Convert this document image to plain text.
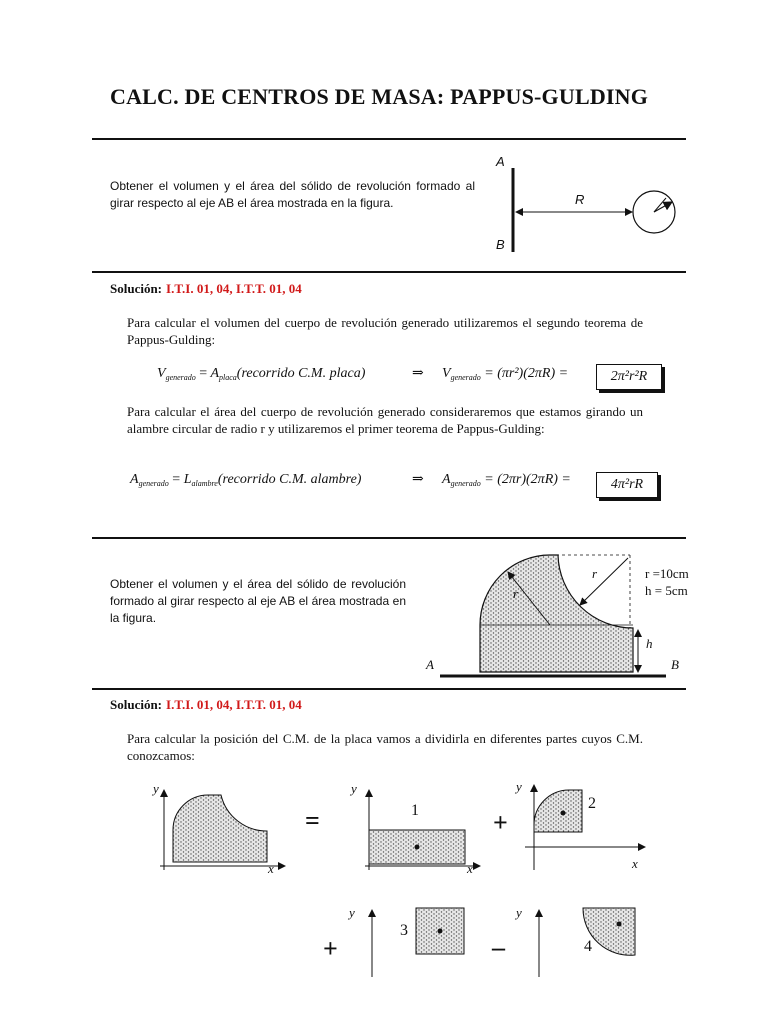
CALC. DE CENTROS DE MASA: PAPPUS-GULDING
Obtener el volumen y el área del sólido de revolución formado al girar respecto al eje AB el área mostrada en la figura.
A
B
R
Solución: I.T.I. 01, 04, I.T.T. 01, 04
Para calcular el volumen del cuerpo de revolución generado utilizaremos el segundo teorema de Pappus-Gulding:
$V_{generado}$ = $A_{placa}(recorrido$ C.M. placa)	⇒ $V_{generado} = (\pi r^2)(2\pi R)$ =	2π²r²R
Para calcular el área del cuerpo de revolución generado consideraremos que estamos girando un alambre circular de radio r y utilizaremos el primer teorema de Pappus-Gulding:
$A_{generado}$ = $L_{alambre}(recorrido$ C.M. alambre)	⇒ $A_{generado} = (2\pi r)(2\pi R)$ =	4π²rR
Obtener el volumen y el área del sólido de revolución formado al girar respecto al eje AB el área mostrada en la figura.
r
r
h
A	B
r =10cm
h = 5cm
Solución: I.T.I. 01, 04, I.T.T. 01, 04
Para calcular la posición del C.M. de la placa vamos a dividirla en diferentes partes cuyos C.M. conozcamos:
y
x
=
y
x
1	+
y
x
2
+
y
3
–
y
4
